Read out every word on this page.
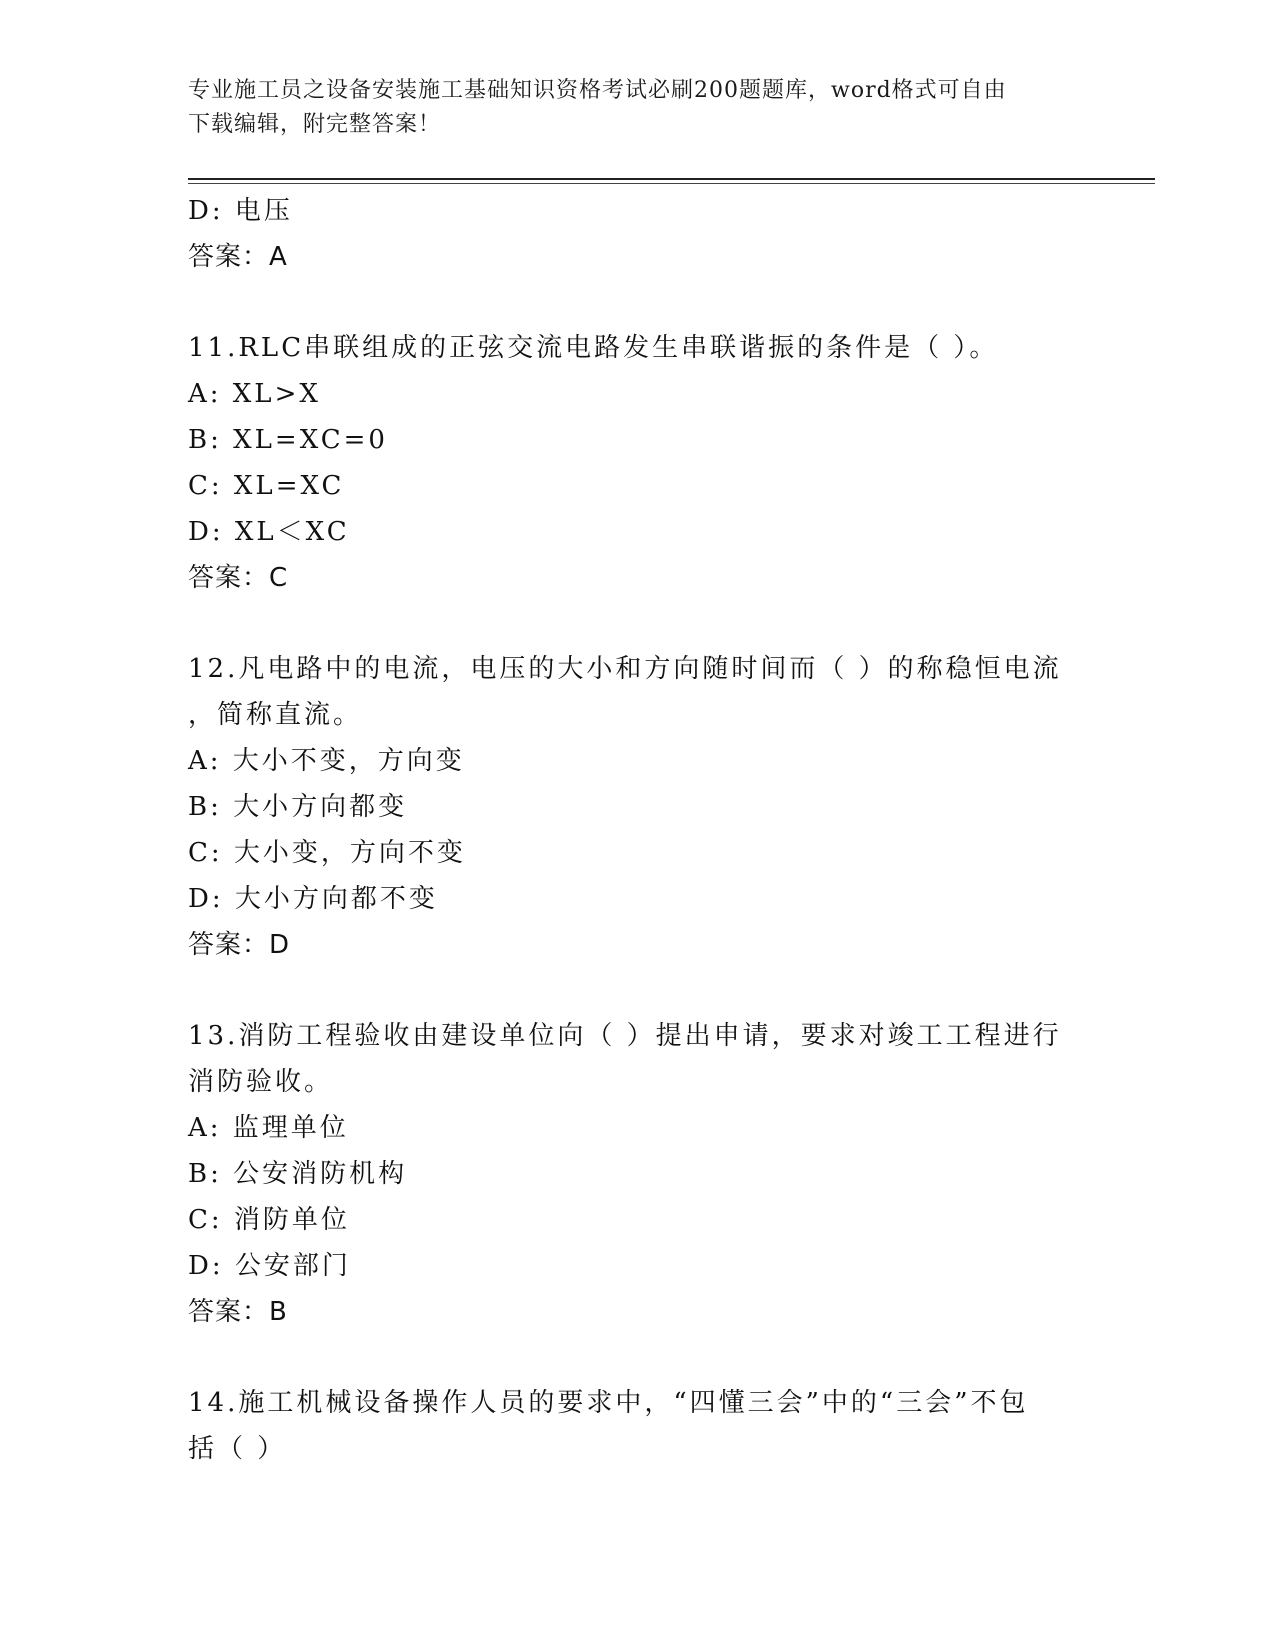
专业施工员之设备安装施工基础知识资格考试必刷200题题库，word格式可自由
下载编辑，附完整答案！
D: 电压
答案：A
11.RLC串联组成的正弦交流电路发生串联谐振的条件是（ ）。
A: XL>X
B: XL=XC=0
C: XL=XC
D: XL＜XC
答案：C
12.凡电路中的电流，电压的大小和方向随时间而（ ）的称稳恒电流
，简称直流。
A: 大小不变，方向变
B: 大小方向都变
C: 大小变，方向不变
D: 大小方向都不变
答案：D
13.消防工程验收由建设单位向（ ）提出申请，要求对竣工工程进行
消防验收。
A: 监理单位
B: 公安消防机构
C: 消防单位
D: 公安部门
答案：B
14.施工机械设备操作人员的要求中，“四懂三会”中的“三会”不包
括（ ）
